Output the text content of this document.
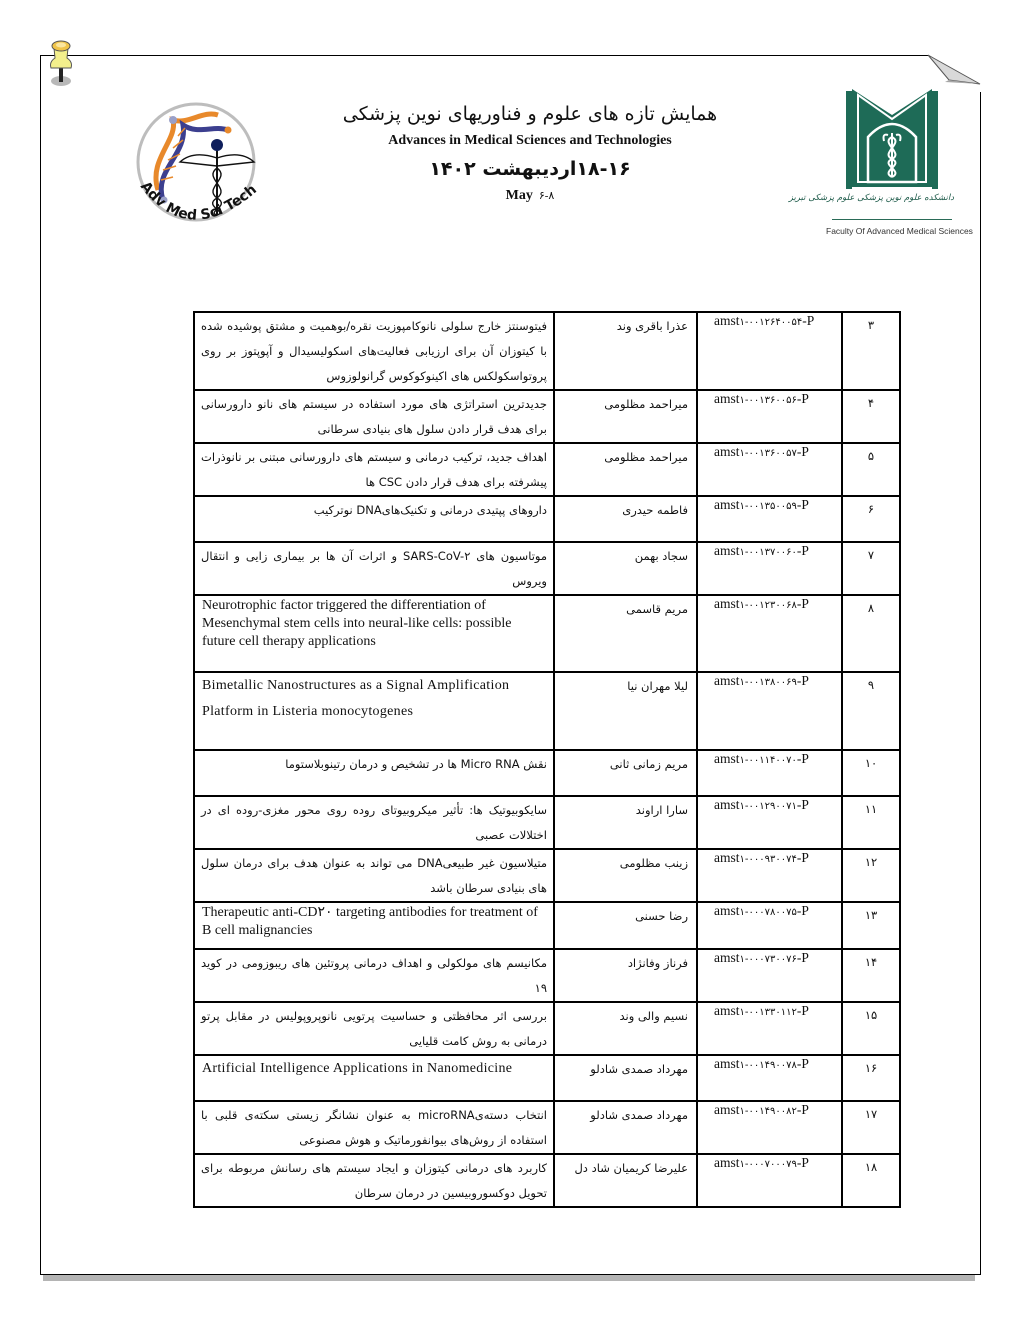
همایش تازه های علوم و فناوریهای نوین پزشکی
Advances in Medical Sciences and Technologies
۱۸-۱۶اردیبهشت ۱۴۰۲
May ۶-۸
Adv Med Sci Tech	دانشکده علوم نوین پزشکی علوم پزشکی تبریز
Faculty Of Advanced Medical Sciences
فیتوسنتز خارج سلولی نانوکامپوزیت نقره/بوهمیت و مشتق پوشیده شده با کیتوزان آن برای ارزیابی فعالیت‌های اسکولیسیدال و آپوپتوز بر روی پروتواسکولکس های اکینوکوکوس گرانولوزوس	عذرا باقری وند	amst۱-۰۰۱۲۶۴۰۰۵۴-P	۳

جدیدترین استراتژی های مورد استفاده در سیستم های نانو دارورسانی برای هدف قرار دادن سلول های بنیادی سرطانی	میراحمد مظلومی	amst۱-۰۰۱۳۶۰۰۵۶-P	۴

اهداف جدید، ترکیب درمانی و سیستم های دارورسانی مبتنی بر نانوذرات پیشرفته برای هدف قرار دادن CSC ها	میراحمد مظلومی	amst۱-۰۰۱۳۶۰۰۵۷-P	۵

داروهای پپتیدی درمانی و تکنیک‌هایDNA نوترکیب	فاطمه حیدری	amst۱-۰۰۱۳۵۰۰۵۹-P	۶

موتاسیون های SARS-CoV-۲ و اثرات آن ها بر بیماری زایی و انتقال ویروس	سجاد بهمن	amst۱-۰۰۱۳۷۰۰۶۰-P	۷

Neurotrophic factor triggered the differentiation of Mesenchymal stem cells into neural-like cells: possible future cell therapy applications	مریم قاسمی	amst۱-۰۰۱۲۳۰۰۶۸-P	۸

Bimetallic Nanostructures as a Signal Amplification Platform in Listeria monocytogenes	لیلا مهران نیا	amst۱-۰۰۱۳۸۰۰۶۹-P	۹

نقش Micro RNA ها در تشخیص و درمان رتینوبلاستوما	مریم زمانی ثانی	amst۱-۰۰۱۱۴۰۰۷۰-P	۱۰

سایکوبیوتیک ها: تأثیر میکروبیوتای روده روی محور مغزی-روده ای در اختلالات عصبی	سارا اراوند	amst۱-۰۰۱۲۹۰۰۷۱-P	۱۱

متیلاسیون غیر طبیعیDNA می تواند به عنوان هدف برای درمان سلول های بنیادی سرطان باشد	زینب مظلومی	amst۱-۰۰۰۹۳۰۰۷۴-P	۱۲

Therapeutic anti-CD۲۰ targeting antibodies for treatment of B cell malignancies	رضا حسنی	amst۱-۰۰۰۷۸۰۰۷۵-P	۱۳

مکانیسم های مولکولی و اهداف درمانی پروتئین های ریبوزومی در کوید ۱۹	فرناز وفانژاد	amst۱-۰۰۰۷۳۰۰۷۶-P	۱۴

بررسی اثر محافظتی و حساسیت پرتویی نانوپروپولیس در مقابل پرتو درمانی به روش کامت قلیایی	نسیم والی وند	amst۱-۰۰۱۳۳۰۱۱۲-P	۱۵

Artificial Intelligence Applications in Nanomedicine	مهرداد صمدی شادلو	amst۱-۰۰۱۴۹۰۰۷۸-P	۱۶

انتخاب دسته‌یmicroRNA به عنوان نشانگر زیستی سکته‌ی قلبی با استفاده از روش‌های بیوانفورماتیک و هوش مصنوعی	مهرداد صمدی شادلو	amst۱-۰۰۱۴۹۰۰۸۲-P	۱۷

کاربرد های درمانی کیتوزان و ایجاد سیستم های رسانش مربوطه برای تحویل دوکسوروبیسین در درمان سرطان	علیرضا کریمیان شاد دل	amst۱-۰۰۰۷۰۰۰۷۹-P	۱۸
